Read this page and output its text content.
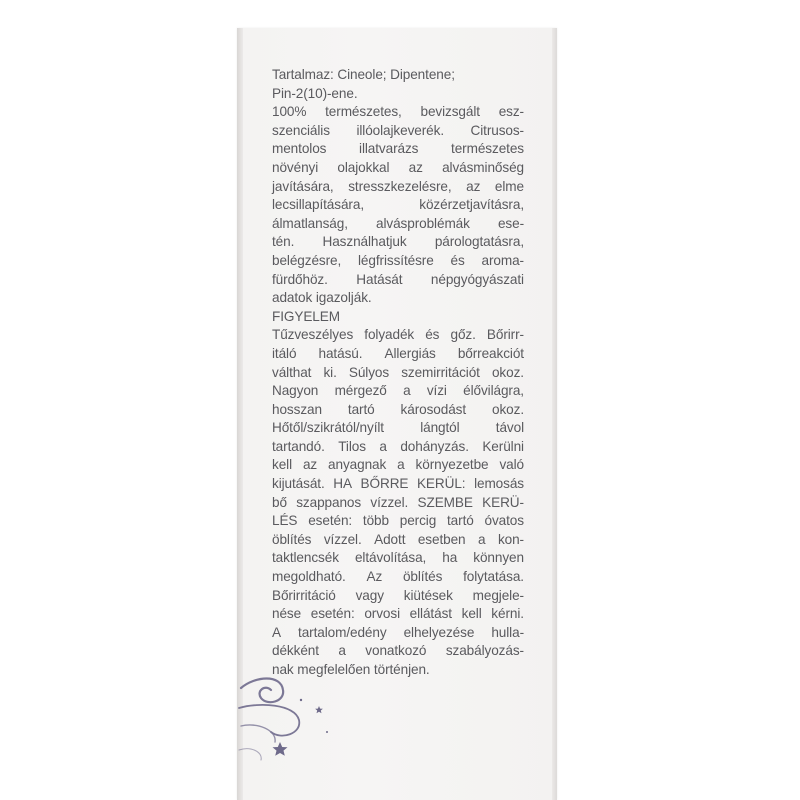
Tartalmaz: Cineole; Dipentene;
Pin-2(10)-ene.
100% természetes, bevizsgált esz-
szenciális illóolajkeverék. Citrusos-
mentolos illatvarázs természetes
növényi olajokkal az alvásminőség
javítására, stresszkezelésre, az elme
lecsillapítására,	közérzetjavításra,
álmatlanság, alvásproblémák ese-
tén. Használhatjuk párologtatásra,
belégzésre, légfrissítésre és aroma-
fürdőhöz. Hatását népgyógyászati
adatok igazolják.
FIGYELEM
Tűzveszélyes folyadék és gőz. Bőrirr-
itáló hatású. Allergiás bőrreakciót
válthat ki. Súlyos szemirritációt okoz.
Nagyon mérgező a vízi élővilágra,
hosszan tartó károsodást okoz.
Hőtől/szikrától/nyílt	lángtól	távol
tartandó. Tilos a dohányzás. Kerülni
kell az anyagnak a környezetbe való
kijutását. HA BŐRRE KERÜL: lemosás
bő szappanos vízzel. SZEMBE KERÜ-
LÉS esetén: több percig tartó óvatos
öblítés vízzel. Adott esetben a kon-
taktlencsék eltávolítása, ha könnyen
megoldható. Az öblítés folytatása.
Bőrirritáció vagy kiütések megjele-
nése esetén: orvosi ellátást kell kérni.
A tartalom/edény elhelyezése hulla-
dékként a vonatkozó szabályozás-
nak megfelelően történjen.
